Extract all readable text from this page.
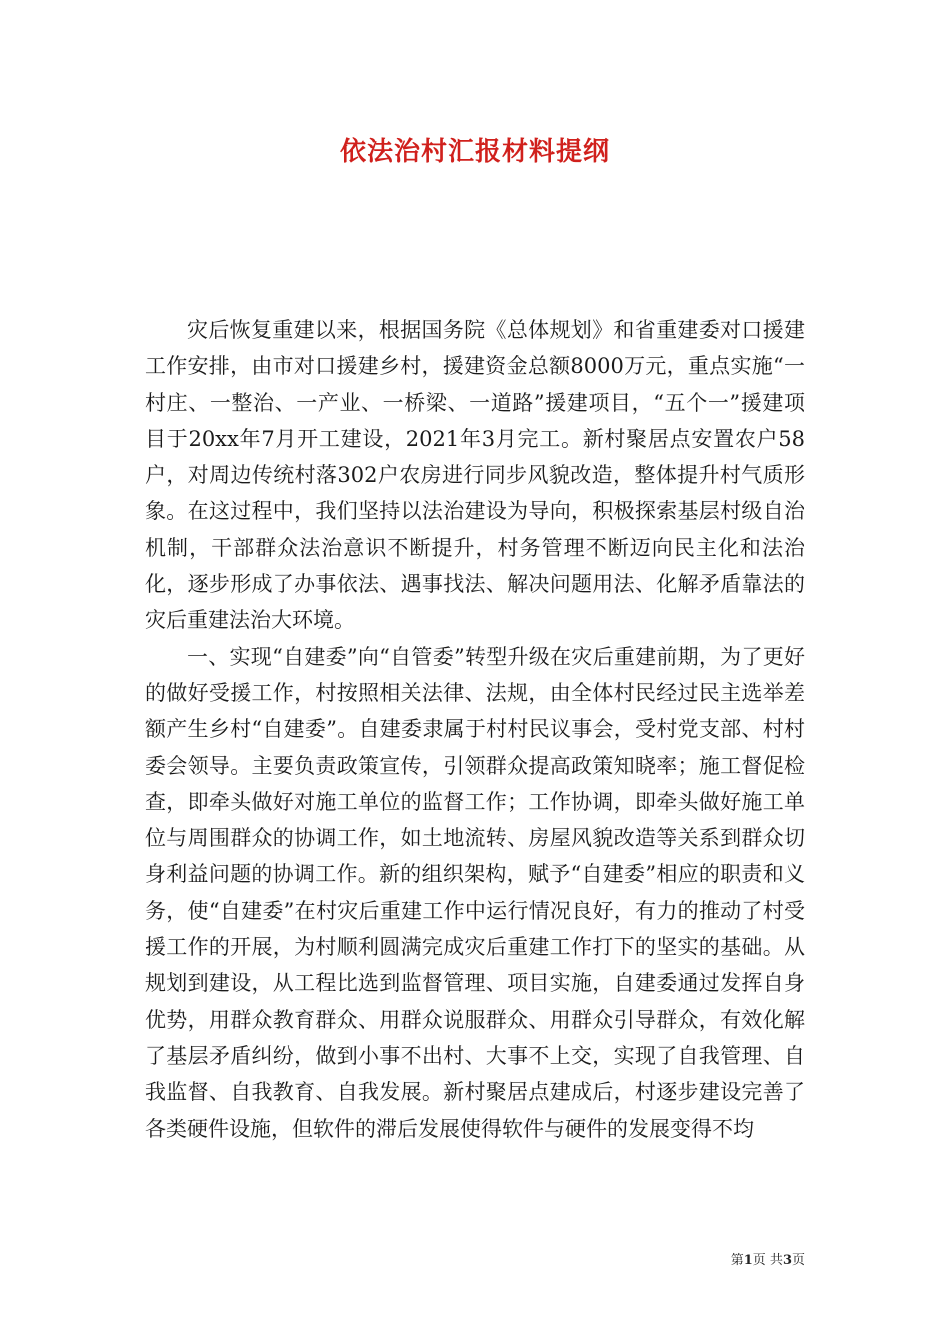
依法治村汇报材料提纲

灾后恢复重建以来，根据国务院《总体规划》和省重建委对口援建工作安排，由市对口援建乡村，援建资金总额8000万元，重点实施“一村庄、一整治、一产业、一桥梁、一道路”援建项目，“五个一”援建项目于20xx年7月开工建设，2021年3月完工。新村聚居点安置农户58户，对周边传统村落302户农房进行同步风貌改造，整体提升村气质形象。在这过程中，我们坚持以法治建设为导向，积极探索基层村级自治机制，干部群众法治意识不断提升，村务管理不断迈向民主化和法治化，逐步形成了办事依法、遇事找法、解决问题用法、化解矛盾靠法的灾后重建法治大环境。

一、实现“自建委”向“自管委”转型升级在灾后重建前期，为了更好的做好受援工作，村按照相关法律、法规，由全体村民经过民主选举差额产生乡村“自建委”。自建委隶属于村村民议事会，受村党支部、村村委会领导。主要负责政策宣传，引领群众提高政策知晓率；施工督促检查，即牵头做好对施工单位的监督工作；工作协调，即牵头做好施工单位与周围群众的协调工作，如土地流转、房屋风貌改造等关系到群众切身利益问题的协调工作。新的组织架构，赋予“自建委”相应的职责和义务，使“自建委”在村灾后重建工作中运行情况良好，有力的推动了村受援工作的开展，为村顺利圆满完成灾后重建工作打下的坚实的基础。从规划到建设，从工程比选到监督管理、项目实施，自建委通过发挥自身优势，用群众教育群众、用群众说服群众、用群众引导群众，有效化解了基层矛盾纠纷，做到小事不出村、大事不上交，实现了自我管理、自我监督、自我教育、自我发展。新村聚居点建成后，村逐步建设完善了各类硬件设施，但软件的滞后发展使得软件与硬件的发展变得不均

第1页 共3页
